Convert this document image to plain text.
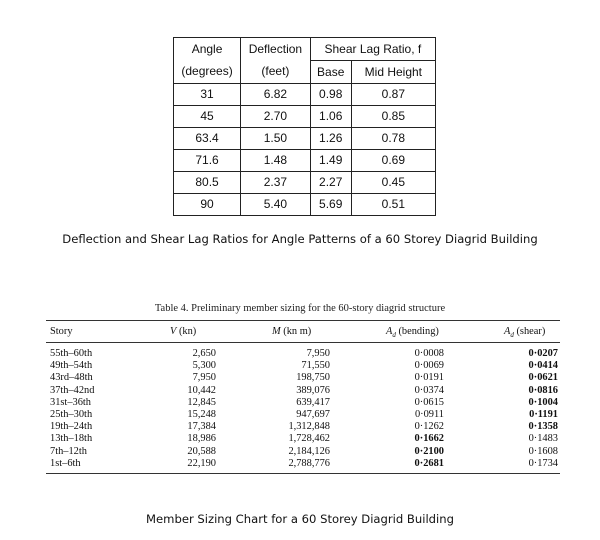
Angle	Deflection	Shear Lag Ratio, f	
(degrees)	(feet)	Base	Mid Height
31	6.82	0.98	0.87
45	2.70	1.06	0.85
63.4	1.50	1.26	0.78
71.6	1.48	1.49	0.69
80.5	2.37	2.27	0.45
90	5.40	5.69	0.51
Deflection and Shear Lag Ratios for Angle Patterns of a 60 Storey Diagrid Building
Table 4. Preliminary member sizing for the 60-story diagrid structure
Story	V (kn)	M (kn m)	$A_d$ (bending)	$A_d$ (shear)
55th–60th	2,650	7,950	0·0008	0·0207
49th–54th	5,300	71,550	0·0069	0·0414
43rd–48th	7,950	198,750	0·0191	0·0621
37th–42nd	10,442	389,076	0·0374	0·0816
31st–36th	12,845	639,417	0·0615	0·1004
25th–30th	15,248	947,697	0·0911	0·1191
19th–24th	17,384	1,312,848	0·1262	0·1358
13th–18th	18,986	1,728,462	0·1662	0·1483
7th–12th	20,588	2,184,126	0·2100	0·1608
1st–6th	22,190	2,788,776	0·2681	0·1734
Member Sizing Chart for a 60 Storey Diagrid Building
